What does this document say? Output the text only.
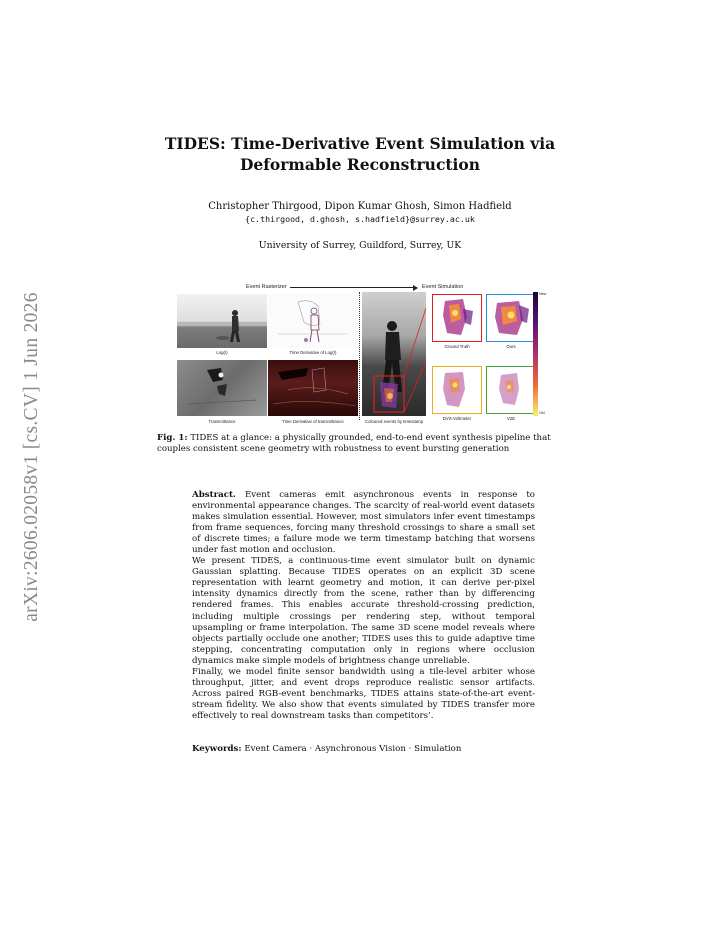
arXiv:2606.02058v1 [cs.CV] 1 Jun 2026
TIDES: Time-Derivative Event Simulation via Deformable Reconstruction
Christopher Thirgood, Dipon Kumar Ghosh, Simon Hadfield
{c.thirgood, d.ghosh, s.hadfield}@surrey.ac.uk
University of Surrey, Guildford, Surrey, UK
Event Rasterizer	Event Simulation
Log(I)	Time Derivative of Log(I)
Transmittance	Time Derivative of transmittance	Coloured events by timestamp
Ground Truth	Ours
DVS-Voltmeter	V2E
New
Old
Fig. 1: TIDES at a glance: a physically grounded, end-to-end event synthesis pipeline that couples consistent scene geometry with robustness to event bursting generation

Abstract. Event cameras emit asynchronous events in response to environmental appearance changes. The scarcity of real-world event datasets makes simulation essential. However, most simulators infer event timestamps from frame sequences, forcing many threshold crossings to share a small set of discrete times; a failure mode we term timestamp batching that worsens under fast motion and occlusion.

We present TIDES, a continuous-time event simulator built on dynamic Gaussian splatting. Because TIDES operates on an explicit 3D scene representation with learnt geometry and motion, it can derive per-pixel intensity dynamics directly from the scene, rather than by differencing rendered frames. This enables accurate threshold-crossing prediction, including multiple crossings per rendering step, without temporal upsampling or frame interpolation. The same 3D scene model reveals where objects partially occlude one another; TIDES uses this to guide adaptive time stepping, concentrating computation only in regions where occlusion dynamics make simple models of brightness change unreliable.

Finally, we model finite sensor bandwidth using a tile-level arbiter whose throughput, jitter, and event drops reproduce realistic sensor artifacts. Across paired RGB-event benchmarks, TIDES attains state-of-the-art event-stream fidelity. We also show that events simulated by TIDES transfer more effectively to real downstream tasks than competitors’.

Keywords: Event Camera · Asynchronous Vision · Simulation
